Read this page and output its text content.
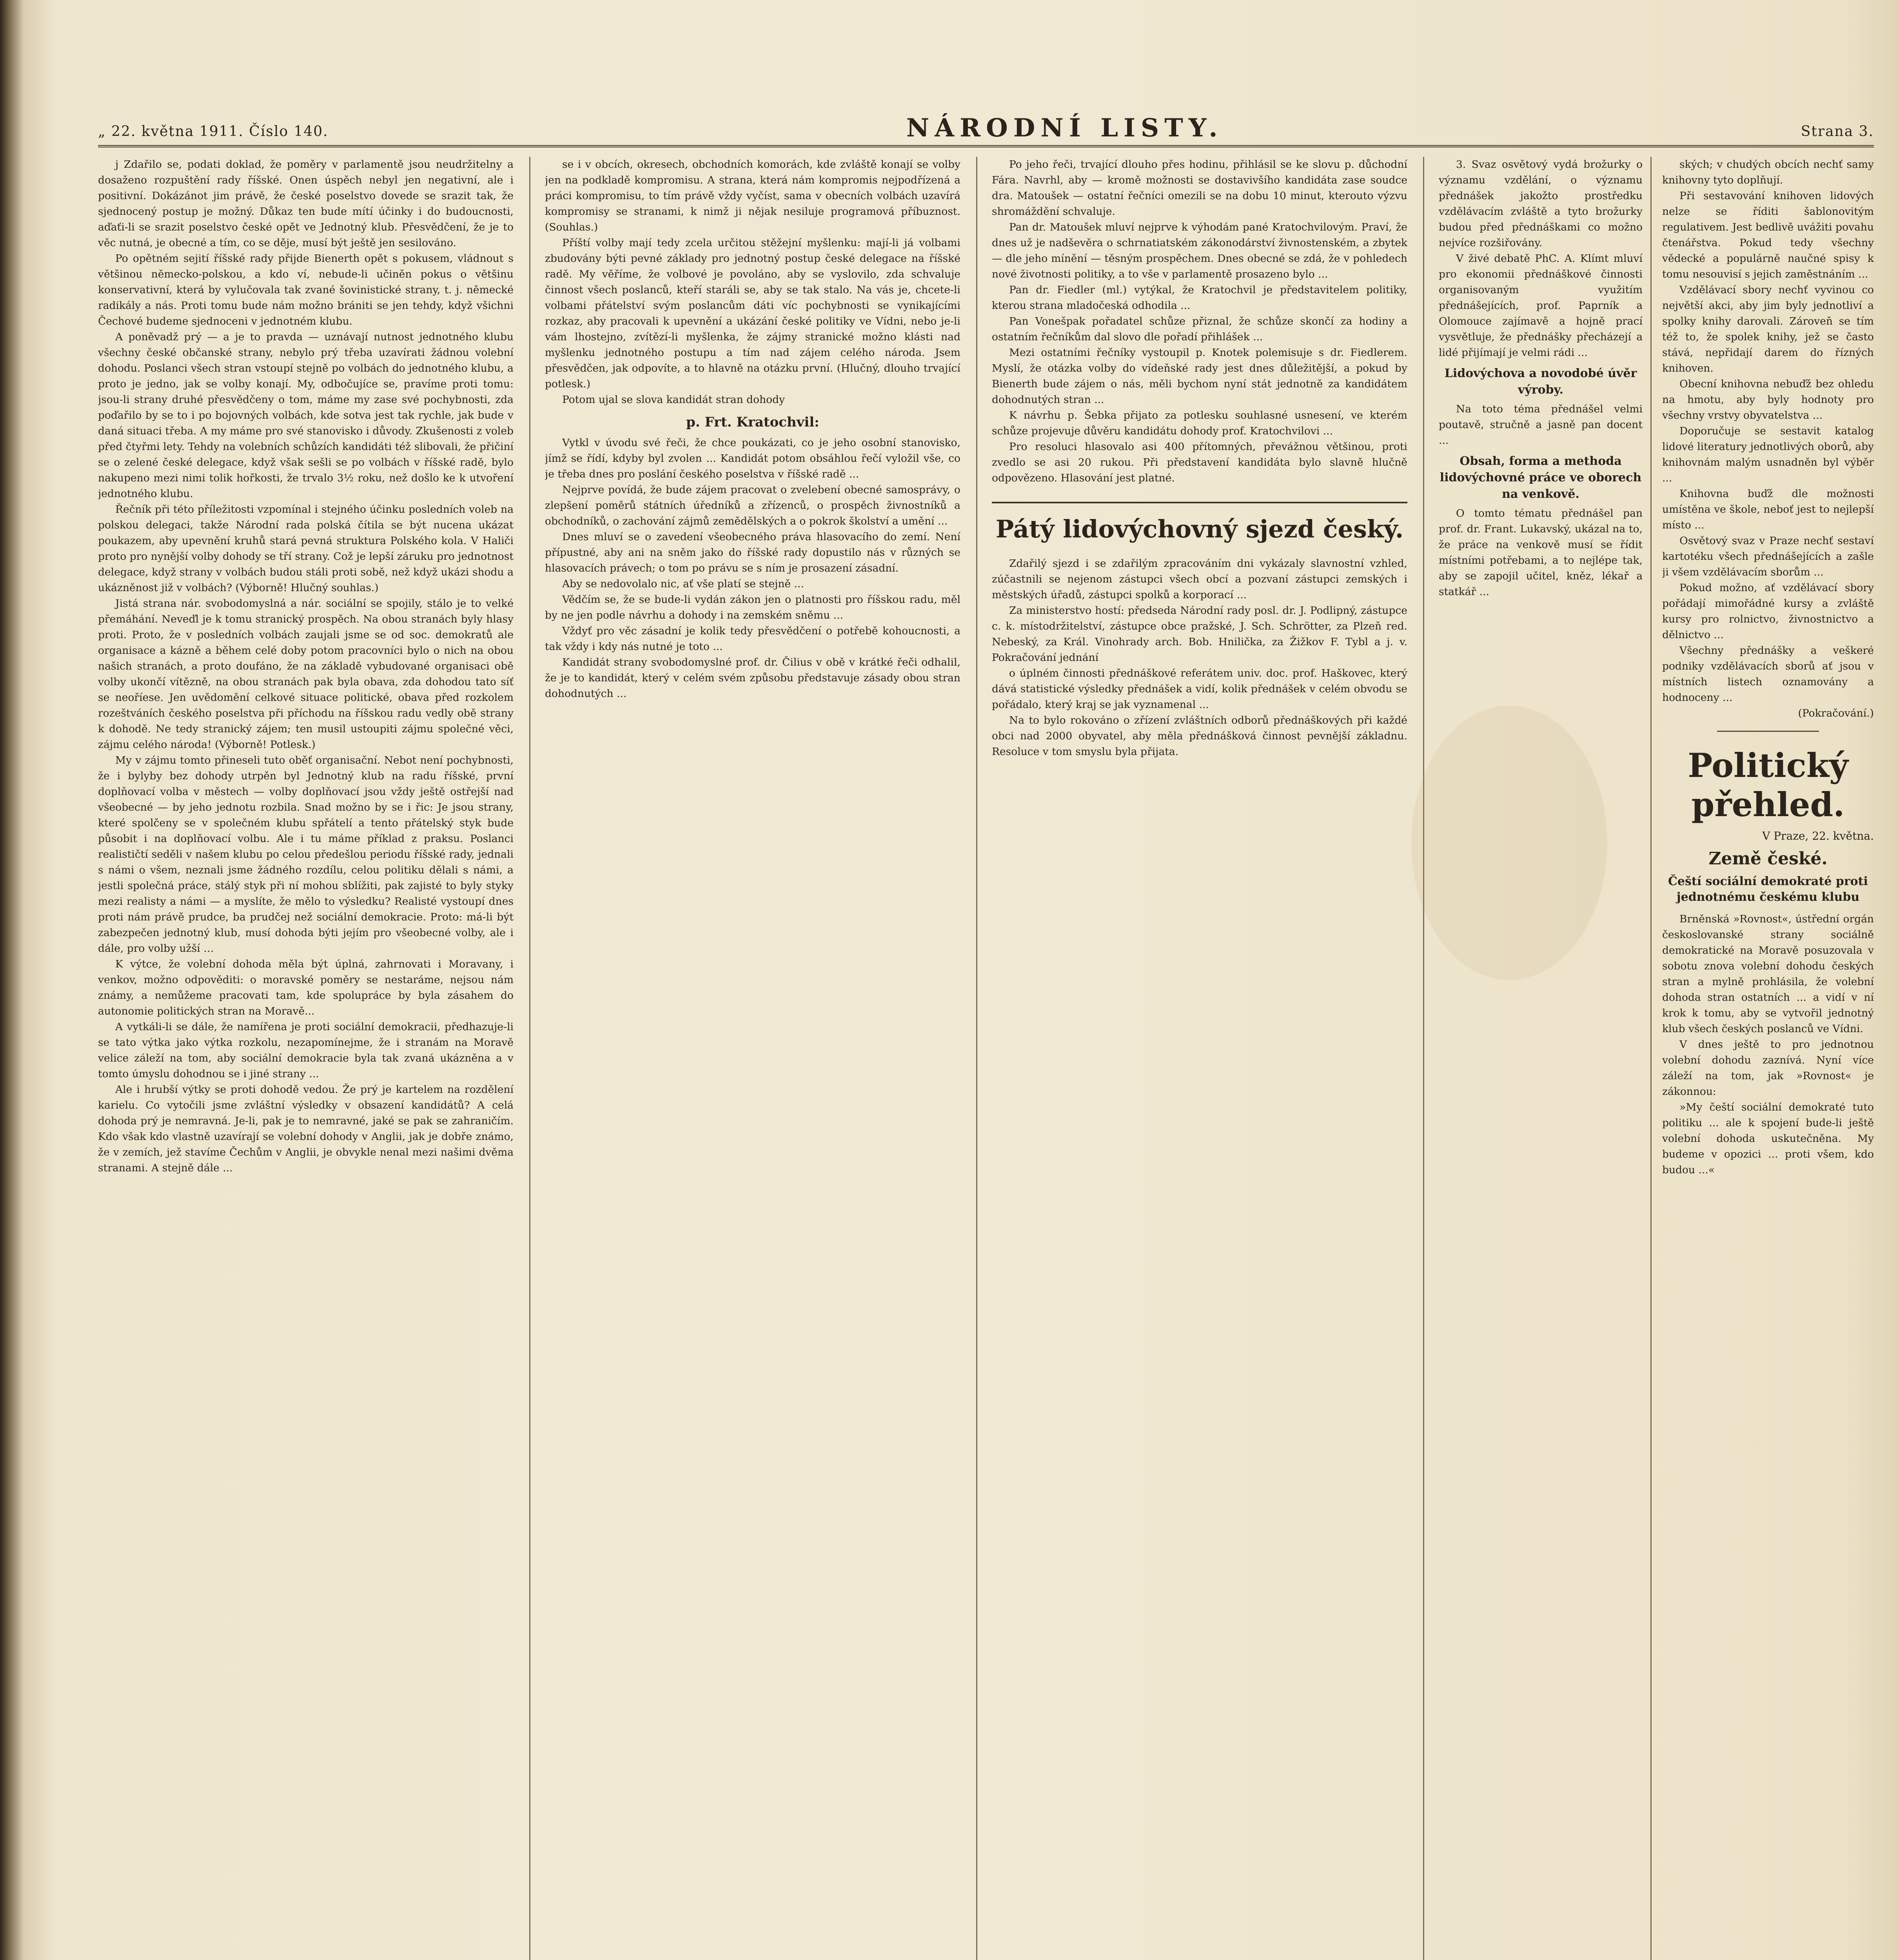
„ 22. května 1911. Číslo 140.	NÁRODNÍ LISTY.	Strana 3.

j Zdařilo se, podati doklad, že poměry v parlamentě jsou neudržitelny a dosaženo rozpuštění rady říšské. Onen úspěch nebyl jen negativní, ale i positivní. Dokázánot jim právě, že české poselstvo dovede se srazit tak, že sjednocený postup je možný. Důkaz ten bude mítí účinky i do budoucnosti, aďaťi-li se srazit poselstvo české opět ve Jednotný klub. Přesvědčení, že je to věc nutná, je obecné a tím, co se děje, musí být ještě jen sesilováno.

Po opětném sejití říšské rady přijde Bienerth opět s pokusem, vládnout s většinou německo-polskou, a kdo ví, nebude-li učiněn pokus o většinu konservativní, která by vylučovala tak zvané šovinistické strany, t. j. německé radikály a nás. Proti tomu bude nám možno brániti se jen tehdy, když všichni Čechové budeme sjednoceni v jednotném klubu.

A poněvadž prý — a je to pravda — uznávají nutnost jednotného klubu všechny české občanské strany, nebylo prý třeba uzavírati žádnou volební dohodu. Poslanci všech stran vstoupí stejně po volbách do jednotného klubu, a proto je jedno, jak se volby konají. My, odbočujíce se, pravíme proti tomu: jsou-li strany druhé přesvědčeny o tom, máme my zase své pochybnosti, zda poďařilo by se to i po bojovných volbách, kde sotva jest tak rychle, jak bude v daná situaci třeba. A my máme pro své stanovisko i důvody. Zkušenosti z voleb před čtyřmi lety. Tehdy na volebních schůzích kandidáti též slibovali, že přičiní se o zelené české delegace, když však sešli se po volbách v říšské radě, bylo nakupeno mezi nimi tolik hořkosti, že trvalo 3½ roku, než došlo ke k utvoření jednotného klubu.

Řečník při této příležitosti vzpomínal i stejného účinku posledních voleb na polskou delegaci, takže Národní rada polská čítila se být nucena ukázat poukazem, aby upevnění kruhů stará pevná struktura Polského kola. V Haliči proto pro nynější volby dohody se tří strany. Což je lepší záruku pro jednotnost delegace, když strany v volbách budou stáli proti sobě, než když ukázi shodu a ukázněnost již v volbách? (Výborně! Hlučný souhlas.)

Jistá strana nár. svobodomyslná a nár. sociální se spojily, stálo je to velké přemáhání. Neveďl je k tomu stranický prospěch. Na obou stranách byly hlasy proti. Proto, že v posledních volbách zaujali jsme se od soc. demokratů ale organisace a kázně a během celé doby potom pracovníci bylo o nich na obou našich stranách, a proto doufáno, že na základě vybudované organisaci obě volby ukončí vítězně, na obou stranách pak byla obava, zda dohodou tato síť se neoříese. Jen uvědomění celkové situace politické, obava před rozkolem rozeštváních českého poselstva při příchodu na říšskou radu vedly obě strany k dohodě. Ne tedy stranický zájem; ten musil ustoupiti zájmu společné věci, zájmu celého národa! (Výborně! Potlesk.)

My v zájmu tomto přineseli tuto oběť organisační. Nebot není pochybnosti, že i bylyby bez dohody utrpěn byl Jednotný klub na radu říšské, první doplňovací volba v městech — volby doplňovací jsou vždy ještě ostřejší nad všeobecné — by jeho jednotu rozbila. Snad možno by se i řic: Je jsou strany, které spolčeny se v společném klubu spřátelí a tento přátelský styk bude působit i na doplňovací volbu. Ale i tu máme příklad z praksu. Poslanci realističtí seděli v našem klubu po celou předešlou periodu říšské rady, jednali s námi o všem, neznali jsme žádného rozdílu, celou politiku dělali s námi, a jestli společná práce, stálý styk při ní mohou sblížiti, pak zajisté to byly styky mezi realisty a námi — a myslíte, že mělo to výsledku? Realisté vystoupí dnes proti nám právě prudce, ba prudčej než sociální demokracie. Proto: má-li být zabezpečen jednotný klub, musí dohoda býti jejím pro všeobecné volby, ale i dále, pro volby užší …

K výtce, že volební dohoda měla být úplná, zahrnovati i Moravany, i venkov, možno odpověditi: o moravské poměry se nestaráme, nejsou nám známy, a nemůžeme pracovati tam, kde spolupráce by byla zásahem do autonomie politických stran na Moravě...

A vytkáli-li se dále, že namířena je proti sociální demokracii, předhazuje-li se tato výtka jako výtka rozkolu, nezapomínejme, že i stranám na Moravě velice záleží na tom, aby sociální demokracie byla tak zvaná ukázněna a v tomto úmyslu dohodnou se i jiné strany ...

Ale i hrubší výtky se proti dohodě vedou. Že prý je kartelem na rozdělení karielu. Co vytočili jsme zvláštní výsledky v obsazení kandidátů? A celá dohoda prý je nemravná. Je-li, pak je to nemravné, jaké se pak se zahraničím. Kdo však kdo vlastně uzavírají se volební dohody v Anglii, jak je dobře známo, že v zemích, jež stavíme Čechům v Anglii, je obvykle nenal mezi našimi dvěma stranami. A stejně dále ...

se i v obcích, okresech, obchodních komorách, kde zvláště konají se volby jen na podkladě kompromisu. A strana, která nám kompromis nejpodřízená a práci kompromisu, to tím právě vždy vyčíst, sama v obecních volbách uzavírá kompromisy se stranami, k nimž ji nějak nesiluje programová příbuznost. (Souhlas.)

Příští volby mají tedy zcela určitou stěžejní myšlenku: mají-li já volbami zbudovány býti pevné základy pro jednotný postup české delegace na říšské radě. My věříme, že volbové je povoláno, aby se vyslovilo, zda schvaluje činnost všech poslanců, kteří staráli se, aby se tak stalo. Na vás je, chcete-li volbami přátelství svým poslancům dáti víc pochybnosti se vynikajícími rozkaz, aby pracovali k upevnění a ukázání české politiky ve Vídni, nebo je-li vám lhostejno, zvítězí-li myšlenka, že zájmy stranické možno klásti nad myšlenku jednotného postupu a tím nad zájem celého národa. Jsem přesvědčen, jak odpovíte, a to hlavně na otázku první. (Hlučný, dlouho trvající potlesk.)

Potom ujal se slova kandidát stran dohody

p. Frt. Kratochvil:

Vytkl v úvodu své řeči, že chce poukázati, co je jeho osobní stanovisko, jímž se řídí, kdyby byl zvolen ... Kandidát potom obsáhlou řečí vyložil vše, co je třeba dnes pro poslání českého poselstva v říšské radě ...

Nejprve povídá, že bude zájem pracovat o zvelebení obecné samosprávy, o zlepšení poměrů státních úředníků a zřízenců, o prospěch živnostníků a obchodníků, o zachování zájmů zemědělských a o pokrok školství a umění ...

Dnes mluví se o zavedení všeobecného práva hlasovacího do zemí. Není přípustné, aby ani na sněm jako do říšské rady dopustilo nás v různých se hlasovacích právech; o tom po právu se s ním je prosazení zásadní.

Aby se nedovolalo nic, ať vše platí se stejně ...

Vědčím se, že se bude-li vydán zákon jen o platnosti pro říšskou radu, měl by ne jen podle návrhu a dohody i na zemském sněmu ...

Vždyť pro věc zásadní je kolik tedy přesvědčení o potřebě kohoucnosti, a tak vždy i kdy nás nutné je toto ...

Kandidát strany svobodomyslné prof. dr. Čilius v obě v krátké řeči odhalil, že je to kandidát, který v celém svém způsobu představuje zásady obou stran dohodnutých ...

Po jeho řeči, trvající dlouho přes hodinu, přihlásil se ke slovu p. důchodní Fára. Navrhl, aby — kromě možnosti se dostavivšího kandidáta zase soudce dra. Matoušek — ostatní řečníci omezili se na dobu 10 minut, kterouto výzvu shromáždění schvaluje.

Pan dr. Matoušek mluví nejprve k výhodám pané Kratochvilovým. Praví, že dnes už je nadševěra o schrnatiatském zákonodárství živnostenském, a zbytek — dle jeho mínění — těsným prospěchem. Dnes obecné se zdá, že v pohledech nové životnosti politiky, a to vše v parlamentě prosazeno bylo ...

Pan dr. Fiedler (ml.) vytýkal, že Kratochvil je představitelem politiky, kterou strana mladočeská odhodila ...

Pan Vonešpak pořadatel schůze přiznal, že schůze skončí za hodiny a ostatním řečníkům dal slovo dle pořadí přihlášek ...

Mezi ostatními řečníky vystoupil p. Knotek polemisuje s dr. Fiedlerem. Myslí, že otázka volby do vídeňské rady jest dnes důležitější, a pokud by Bienerth bude zájem o nás, měli bychom nyní stát jednotně za kandidátem dohodnutých stran ...

K návrhu p. Šebka přijato za potlesku souhlasné usnesení, ve kterém schůze projevuje důvěru kandidátu dohody prof. Kratochvilovi ...

Pro resoluci hlasovalo asi 400 přítomných, převážnou většinou, proti zvedlo se asi 20 rukou. Při představení kandidáta bylo slavně hlučně odpovězeno. Hlasování jest platné.

Pátý lidovýchovný sjezd český.

Zdařilý sjezd i se zdařilým zpracováním dni vykázaly slavnostní vzhled, zúčastnili se nejenom zástupci všech obcí a pozvaní zástupci zemských i městských úřadů, zástupci spolků a korporací ...

Za ministerstvo hostí: předseda Národní rady posl. dr. J. Podlipný, zástupce c. k. místodržitelství, zástupce obce pražské, J. Sch. Schrötter, za Plzeň red. Nebeský, za Král. Vinohrady arch. Bob. Hnilička, za Žižkov F. Tybl a j. v. Pokračování jednání

o úplném činnosti přednáškové referátem univ. doc. prof. Haškovec, který dává statistické výsledky přednášek a vidí, kolik přednášek v celém obvodu se pořádalo, který kraj se jak vyznamenal ...

Na to bylo rokováno o zřízení zvláštních odborů přednáškových při každé obci nad 2000 obyvatel, aby měla přednášková činnost pevnější základnu. Resoluce v tom smyslu byla přijata.

3. Svaz osvětový vydá brožurky o významu vzdělání, o významu přednášek jakožto prostředku vzdělávacím zvláště a tyto brožurky budou před přednáškami co možno nejvíce rozšiřovány.

V živé debatě PhC. A. Klímt mluví pro ekonomii přednáškové činnosti organisovaným využitím přednášejících, prof. Paprník a Olomouce zajímavě a hojně prací vysvětluje, že přednášky přecházejí a lidé přijímají je velmi rádi ...

Lidovýchova a novodobé úvěr výroby.

Na toto téma přednášel velmi poutavě, stručně a jasně pan docent ...

Obsah, forma a methoda lidovýchovné práce ve oborech na venkově.

O tomto tématu přednášel pan prof. dr. Frant. Lukavský, ukázal na to, že práce na venkově musí se řídit místními potřebami, a to nejlépe tak, aby se zapojil učitel, kněz, lékař a statkář ...

ských; v chudých obcích nechť samy knihovny tyto doplňují.

Při sestavování knihoven lidových nelze se říditi šablonovitým regulativem. Jest bedlivě uvážiti povahu čtenářstva. Pokud tedy všechny vědecké a populárně naučné spisy k tomu nesouvisí s jejich zaměstnáním ...

Vzdělávací sbory nechť vyvinou co největší akci, aby jim byly jednotliví a spolky knihy darovali. Zároveň se tím též to, že spolek knihy, jež se často stává, nepřidají darem do řízných knihoven.

Obecní knihovna nebuďž bez ohledu na hmotu, aby byly hodnoty pro všechny vrstvy obyvatelstva ...

Doporučuje se sestavit katalog lidové literatury jednotlivých oborů, aby knihovnám malým usnadněn byl výběr ...

Knihovna buďž dle možnosti umístěna ve škole, neboť jest to nejlepší místo ...

Osvětový svaz v Praze nechť sestaví kartotéku všech přednášejících a zašle ji všem vzdělávacím sborům ...

Pokud možno, ať vzdělávací sbory pořádají mimořádné kursy a zvláště kursy pro rolnictvo, živnostnictvo a dělnictvo ...

Všechny přednášky a veškeré podniky vzdělávacích sborů ať jsou v místních listech oznamovány a hodnoceny ...

(Pokračování.)
Politický přehled.
V Praze, 22. května.
Země české.
Čeští sociální demokraté proti jednotnému českému klubu

Brněnská »Rovnost«, ústřední orgán českoslovanské strany sociálně demokratické na Moravě posuzovala v sobotu znova volební dohodu českých stran a mylně prohlásila, že volební dohoda stran ostatních ... a vidí v ní krok k tomu, aby se vytvořil jednotný klub všech českých poslanců ve Vídni.

V dnes ještě to pro jednotnou volební dohodu zaznívá. Nyní více záleží na tom, jak »Rovnost« je zákonnou:

»My čeští sociální demokraté tuto politiku ... ale k spojení bude-li ještě volební dohoda uskutečněna. My budeme v opozici ... proti všem, kdo budou ...«
